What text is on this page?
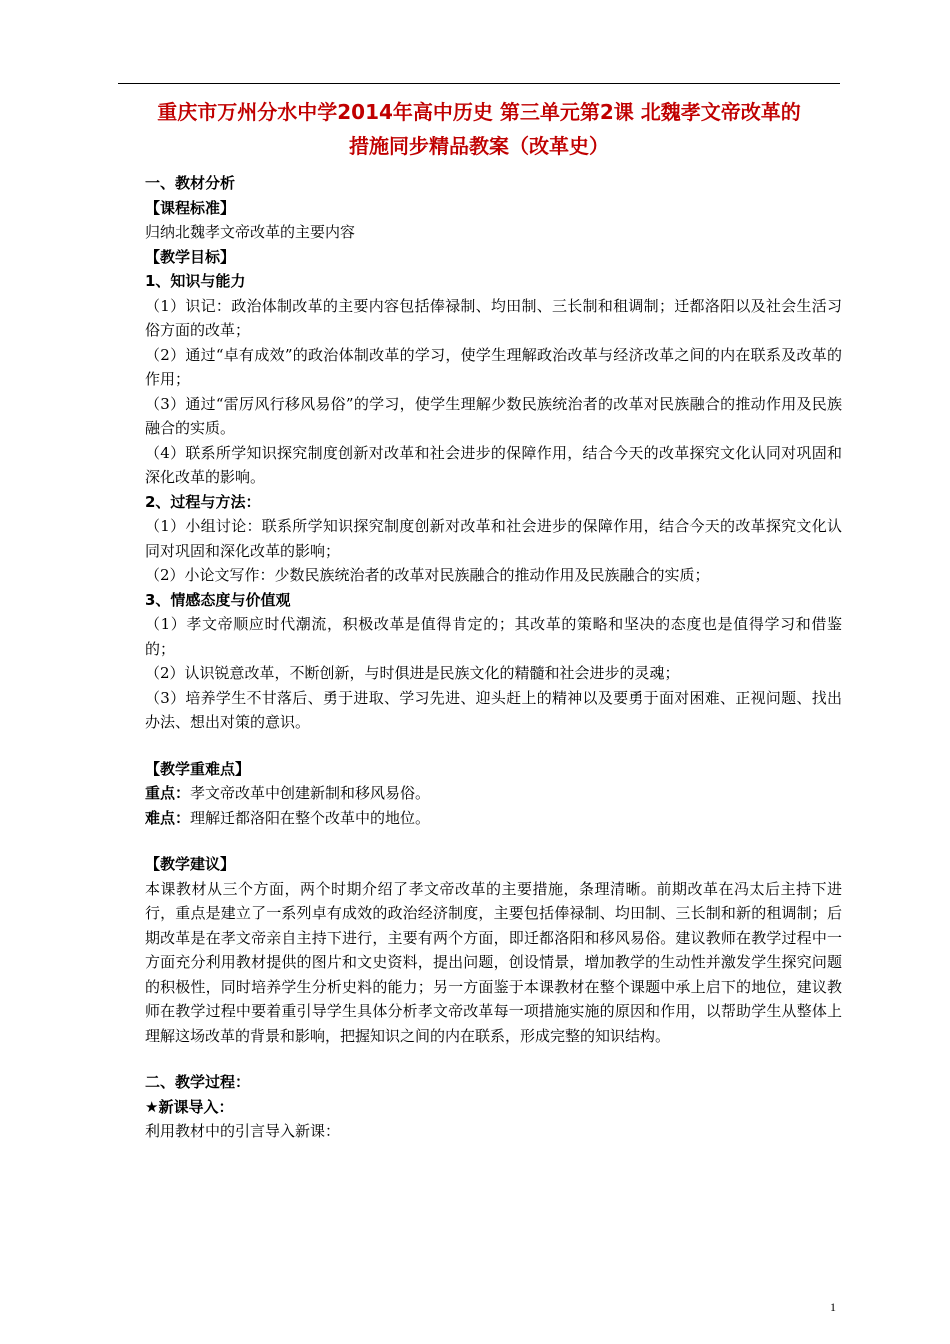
重庆市万州分水中学2014年高中历史 第三单元第2课 北魏孝文帝改革的
措施同步精品教案（改革史）
一、教材分析
【课程标准】

归纳北魏孝文帝改革的主要内容

【教学目标】
1、知识与能力

（1）识记：政治体制改革的主要内容包括俸禄制、均田制、三长制和租调制；迁都洛阳以及社会生活习俗方面的改革；

（2）通过“卓有成效”的政治体制改革的学习，使学生理解政治改革与经济改革之间的内在联系及改革的作用；

（3）通过“雷厉风行移风易俗”的学习，使学生理解少数民族统治者的改革对民族融合的推动作用及民族融合的实质。

（4）联系所学知识探究制度创新对改革和社会进步的保障作用，结合今天的改革探究文化认同对巩固和深化改革的影响。

2、过程与方法：

（1）小组讨论：联系所学知识探究制度创新对改革和社会进步的保障作用，结合今天的改革探究文化认同对巩固和深化改革的影响；

（2）小论文写作：少数民族统治者的改革对民族融合的推动作用及民族融合的实质；

3、情感态度与价值观

（1）孝文帝顺应时代潮流，积极改革是值得肯定的；其改革的策略和坚决的态度也是值得学习和借鉴的；

（2）认识锐意改革，不断创新，与时俱进是民族文化的精髓和社会进步的灵魂；

（3）培养学生不甘落后、勇于进取、学习先进、迎头赶上的精神以及要勇于面对困难、正视问题、找出办法、想出对策的意识。

【教学重难点】

重点：孝文帝改革中创建新制和移风易俗。

难点：理解迁都洛阳在整个改革中的地位。

【教学建议】

本课教材从三个方面，两个时期介绍了孝文帝改革的主要措施，条理清晰。前期改革在冯太后主持下进行，重点是建立了一系列卓有成效的政治经济制度，主要包括俸禄制、均田制、三长制和新的租调制；后期改革是在孝文帝亲自主持下进行，主要有两个方面，即迁都洛阳和移风易俗。建议教师在教学过程中一方面充分利用教材提供的图片和文史资料，提出问题，创设情景，增加教学的生动性并激发学生探究问题的积极性，同时培养学生分析史料的能力；另一方面鉴于本课教材在整个课题中承上启下的地位，建议教师在教学过程中要着重引导学生具体分析孝文帝改革每一项措施实施的原因和作用，以帮助学生从整体上理解这场改革的背景和影响，把握知识之间的内在联系，形成完整的知识结构。

二、教学过程：
★新课导入：

利用教材中的引言导入新课：

1
